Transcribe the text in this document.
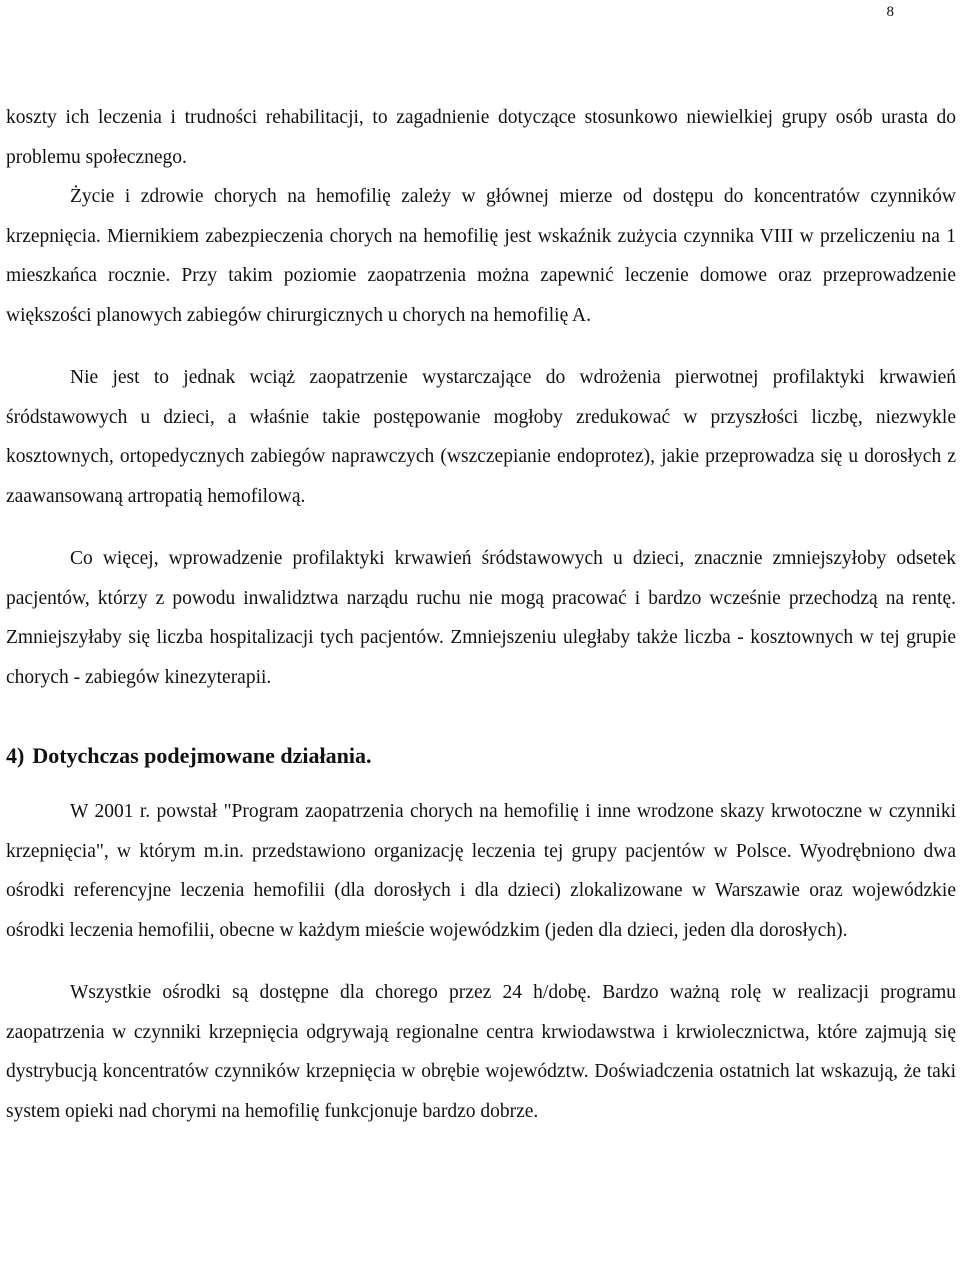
8

koszty ich leczenia i trudności rehabilitacji, to zagadnienie dotyczące stosunkowo niewielkiej grupy osób urasta do problemu społecznego.

Życie i zdrowie chorych na hemofilię zależy w głównej mierze od dostępu do koncentratów czynników krzepnięcia. Miernikiem zabezpieczenia chorych na hemofilię jest wskaźnik zużycia czynnika VIII w przeliczeniu na 1 mieszkańca rocznie. Przy takim poziomie zaopatrzenia można zapewnić leczenie domowe oraz przeprowadzenie większości planowych zabiegów chirurgicznych u chorych na hemofilię A.

Nie jest to jednak wciąż zaopatrzenie wystarczające do wdrożenia pierwotnej profilaktyki krwawień śródstawowych u dzieci, a właśnie takie postępowanie mogłoby zredukować w przyszłości liczbę, niezwykle kosztownych, ortopedycznych zabiegów naprawczych (wszczepianie endoprotez), jakie przeprowadza się u dorosłych z zaawansowaną artropatią hemofilową.

Co więcej, wprowadzenie profilaktyki krwawień śródstawowych u dzieci, znacznie zmniejszyłoby odsetek pacjentów, którzy z powodu inwalidztwa narządu ruchu nie mogą pracować i bardzo wcześnie przechodzą na rentę. Zmniejszyłaby się liczba hospitalizacji tych pacjentów. Zmniejszeniu uległaby także liczba - kosztownych w tej grupie chorych - zabiegów kinezyterapii.

4) Dotychczas podejmowane działania.

W 2001 r. powstał "Program zaopatrzenia chorych na hemofilię i inne wrodzone skazy krwotoczne w czynniki krzepnięcia", w którym m.in. przedstawiono organizację leczenia tej grupy pacjentów w Polsce. Wyodrębniono dwa ośrodki referencyjne leczenia hemofilii (dla dorosłych i dla dzieci) zlokalizowane w Warszawie oraz wojewódzkie ośrodki leczenia hemofilii, obecne w każdym mieście wojewódzkim (jeden dla dzieci, jeden dla dorosłych).

Wszystkie ośrodki są dostępne dla chorego przez 24 h/dobę. Bardzo ważną rolę w realizacji programu zaopatrzenia w czynniki krzepnięcia odgrywają regionalne centra krwiodawstwa i krwiolecznictwa, które zajmują się dystrybucją koncentratów czynników krzepnięcia w obrębie województw. Doświadczenia ostatnich lat wskazują, że taki system opieki nad chorymi na hemofilię funkcjonuje bardzo dobrze.
